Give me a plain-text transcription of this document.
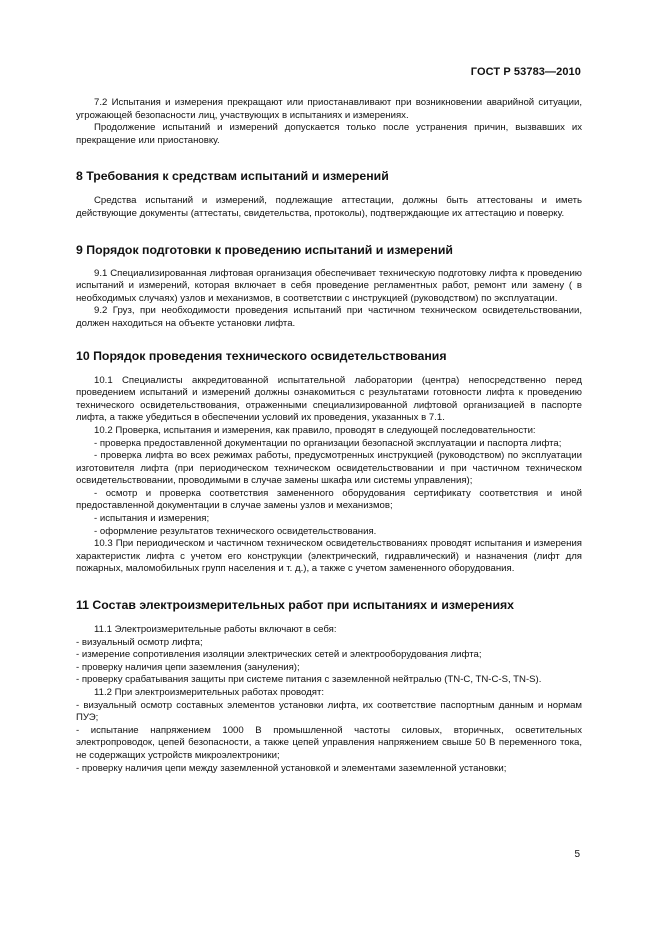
ГОСТ Р 53783—2010

7.2 Испытания и измерения прекращают или приостанавливают при возникновении аварийной ситуации, угрожающей безопасности лиц, участвующих в испытаниях и измерениях.

Продолжение испытаний и измерений допускается только после устранения причин, вызвавших их прекращение или приостановку.

8 Требования к средствам испытаний и измерений

Средства испытаний и измерений, подлежащие аттестации, должны быть аттестованы и иметь действующие документы (аттестаты, свидетельства, протоколы), подтверждающие их аттестацию и поверку.

9 Порядок подготовки к проведению испытаний и измерений

9.1 Специализированная лифтовая организация обеспечивает техническую подготовку лифта к проведению испытаний и измерений, которая включает в себя проведение регламентных работ, ремонт или замену ( в необходимых случаях) узлов и механизмов, в соответствии с инструкцией (руководством) по эксплуатации.

9.2 Груз, при необходимости проведения испытаний при частичном техническом освидетельствовании, должен находиться на объекте установки лифта.

10 Порядок проведения технического освидетельствования

10.1 Специалисты аккредитованной испытательной лаборатории (центра) непосредственно перед проведением испытаний и измерений должны ознакомиться с результатами готовности лифта к проведению технического освидетельствования, отраженными специализированной лифтовой организацией в паспорте лифта, а также убедиться в обеспечении условий их проведения, указанных в 7.1.

10.2 Проверка, испытания и измерения, как правило, проводят в следующей последовательности:

- проверка предоставленной документации по организации безопасной эксплуатации и паспорта лифта;

- проверка лифта во всех режимах работы, предусмотренных инструкцией (руководством) по эксплуатации изготовителя лифта (при периодическом техническом освидетельствовании и при частичном техническом освидетельствовании, проводимыми в случае замены шкафа или системы управления);

- осмотр и проверка соответствия замененного оборудования сертификату соответствия и иной предоставленной документации в случае замены узлов и механизмов;

- испытания и измерения;

- оформление результатов технического освидетельствования.

10.3 При периодическом и частичном техническом освидетельствованиях проводят испытания и измерения характеристик лифта с учетом его конструкции (электрический, гидравлический) и назначения (лифт для пожарных, маломобильных групп населения и т. д.), а также с учетом замененного оборудования.

11 Состав электроизмерительных работ при испытаниях и измерениях

11.1 Электроизмерительные работы включают в себя:

- визуальный осмотр лифта;

- измерение сопротивления изоляции электрических сетей и электрооборудования лифта;

- проверку наличия цепи заземления (зануления);

- проверку срабатывания защиты при системе питания с заземленной нейтралью (TN-C, TN-C-S, TN-S).

11.2 При электроизмерительных работах проводят:

- визуальный осмотр составных элементов установки лифта, их соответствие паспортным данным и нормам ПУЭ;

- испытание напряжением 1000 В промышленной частоты силовых, вторичных, осветительных электропроводок, цепей безопасности, а также цепей управления напряжением свыше 50 В переменного тока, не содержащих устройств микроэлектроники;

- проверку наличия цепи между заземленной установкой и элементами заземленной установки;

5
